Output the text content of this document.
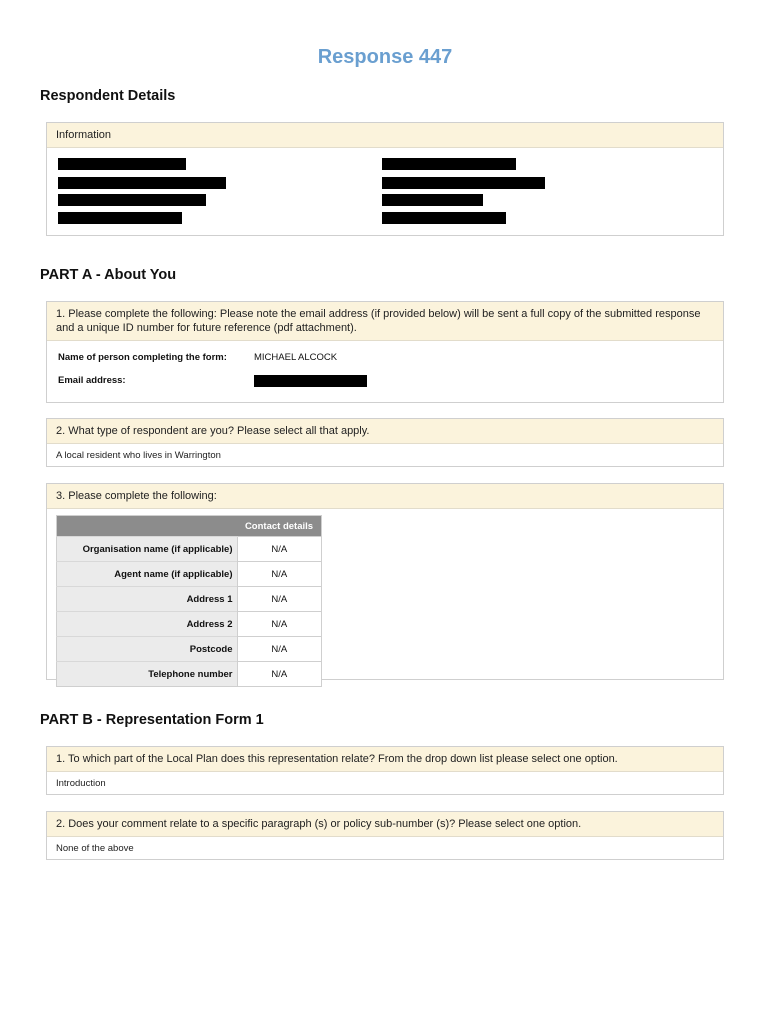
Response 447
Respondent Details
Information
PART A - About You
1. Please complete the following: Please note the email address (if provided below) will be sent a full copy of the submitted response and a unique ID number for future reference (pdf attachment).
Name of person completing the form:	MICHAEL ALCOCK
Email address:
2. What type of respondent are you? Please select all that apply.
A local resident who lives in Warrington
3. Please complete the following:
	Contact details
Organisation name (if applicable)	N/A
Agent name (if applicable)	N/A
Address 1	N/A
Address 2	N/A
Postcode	N/A
Telephone number	N/A
PART B - Representation Form 1
1. To which part of the Local Plan does this representation relate? From the drop down list please select one option.
Introduction
2. Does your comment relate to a specific paragraph (s) or policy sub-number (s)? Please select one option.
None of the above
